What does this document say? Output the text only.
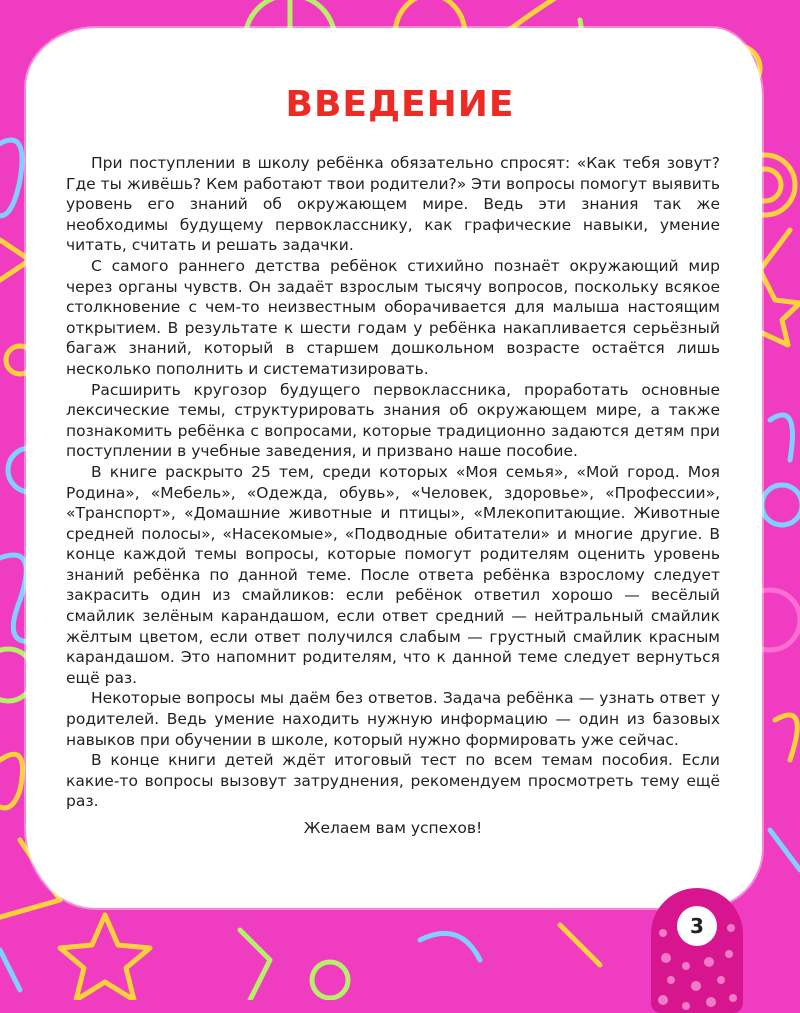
ВВЕДЕНИЕ

При поступлении в школу ребёнка обязательно спросят: «Как тебя зовут? Где ты живёшь? Кем работают твои родители?» Эти вопросы помогут выявить уровень его знаний об окружающем мире. Ведь эти знания так же необходимы будущему первокласснику, как графические навыки, умение читать, считать и решать задачки.

С самого раннего детства ребёнок стихийно познаёт окружающий мир через органы чувств. Он задаёт взрослым тысячу вопросов, поскольку всякое столкновение с чем-то неизвестным оборачивается для малыша настоящим открытием. В результате к шести годам у ребёнка накапливается серьёзный багаж знаний, который в старшем дошкольном возрасте остаётся лишь несколько пополнить и систематизировать.

Расширить кругозор будущего первоклассника, проработать основные лексические темы, структурировать знания об окружающем мире, а также познакомить ребёнка с вопросами, которые традиционно задаются детям при поступлении в учебные заведения, и призвано наше пособие.

В книге раскрыто 25 тем, среди которых «Моя семья», «Мой город. Моя Родина», «Мебель», «Одежда, обувь», «Человек, здоровье», «Профессии», «Транспорт», «Домашние животные и птицы», «Млекопитающие. Животные средней полосы», «Насекомые», «Подводные обитатели» и многие другие. В конце каждой темы вопросы, которые помогут родителям оценить уровень знаний ребёнка по данной теме. После ответа ребёнка взрослому следует закрасить один из смайликов: если ребёнок ответил хорошо — весёлый смайлик зелёным карандашом, если ответ средний — нейтральный смайлик жёлтым цветом, если ответ получился слабым — грустный смайлик красным карандашом. Это напомнит родителям, что к данной теме следует вернуться ещё раз.

Некоторые вопросы мы даём без ответов. Задача ребёнка — узнать ответ у родителей. Ведь умение находить нужную информацию — один из базовых навыков при обучении в школе, который нужно формировать уже сейчас.

В конце книги детей ждёт итоговый тест по всем темам пособия. Если какие-то вопросы вызовут затруднения, рекомендуем просмотреть тему ещё раз.

Желаем вам успехов!

3
